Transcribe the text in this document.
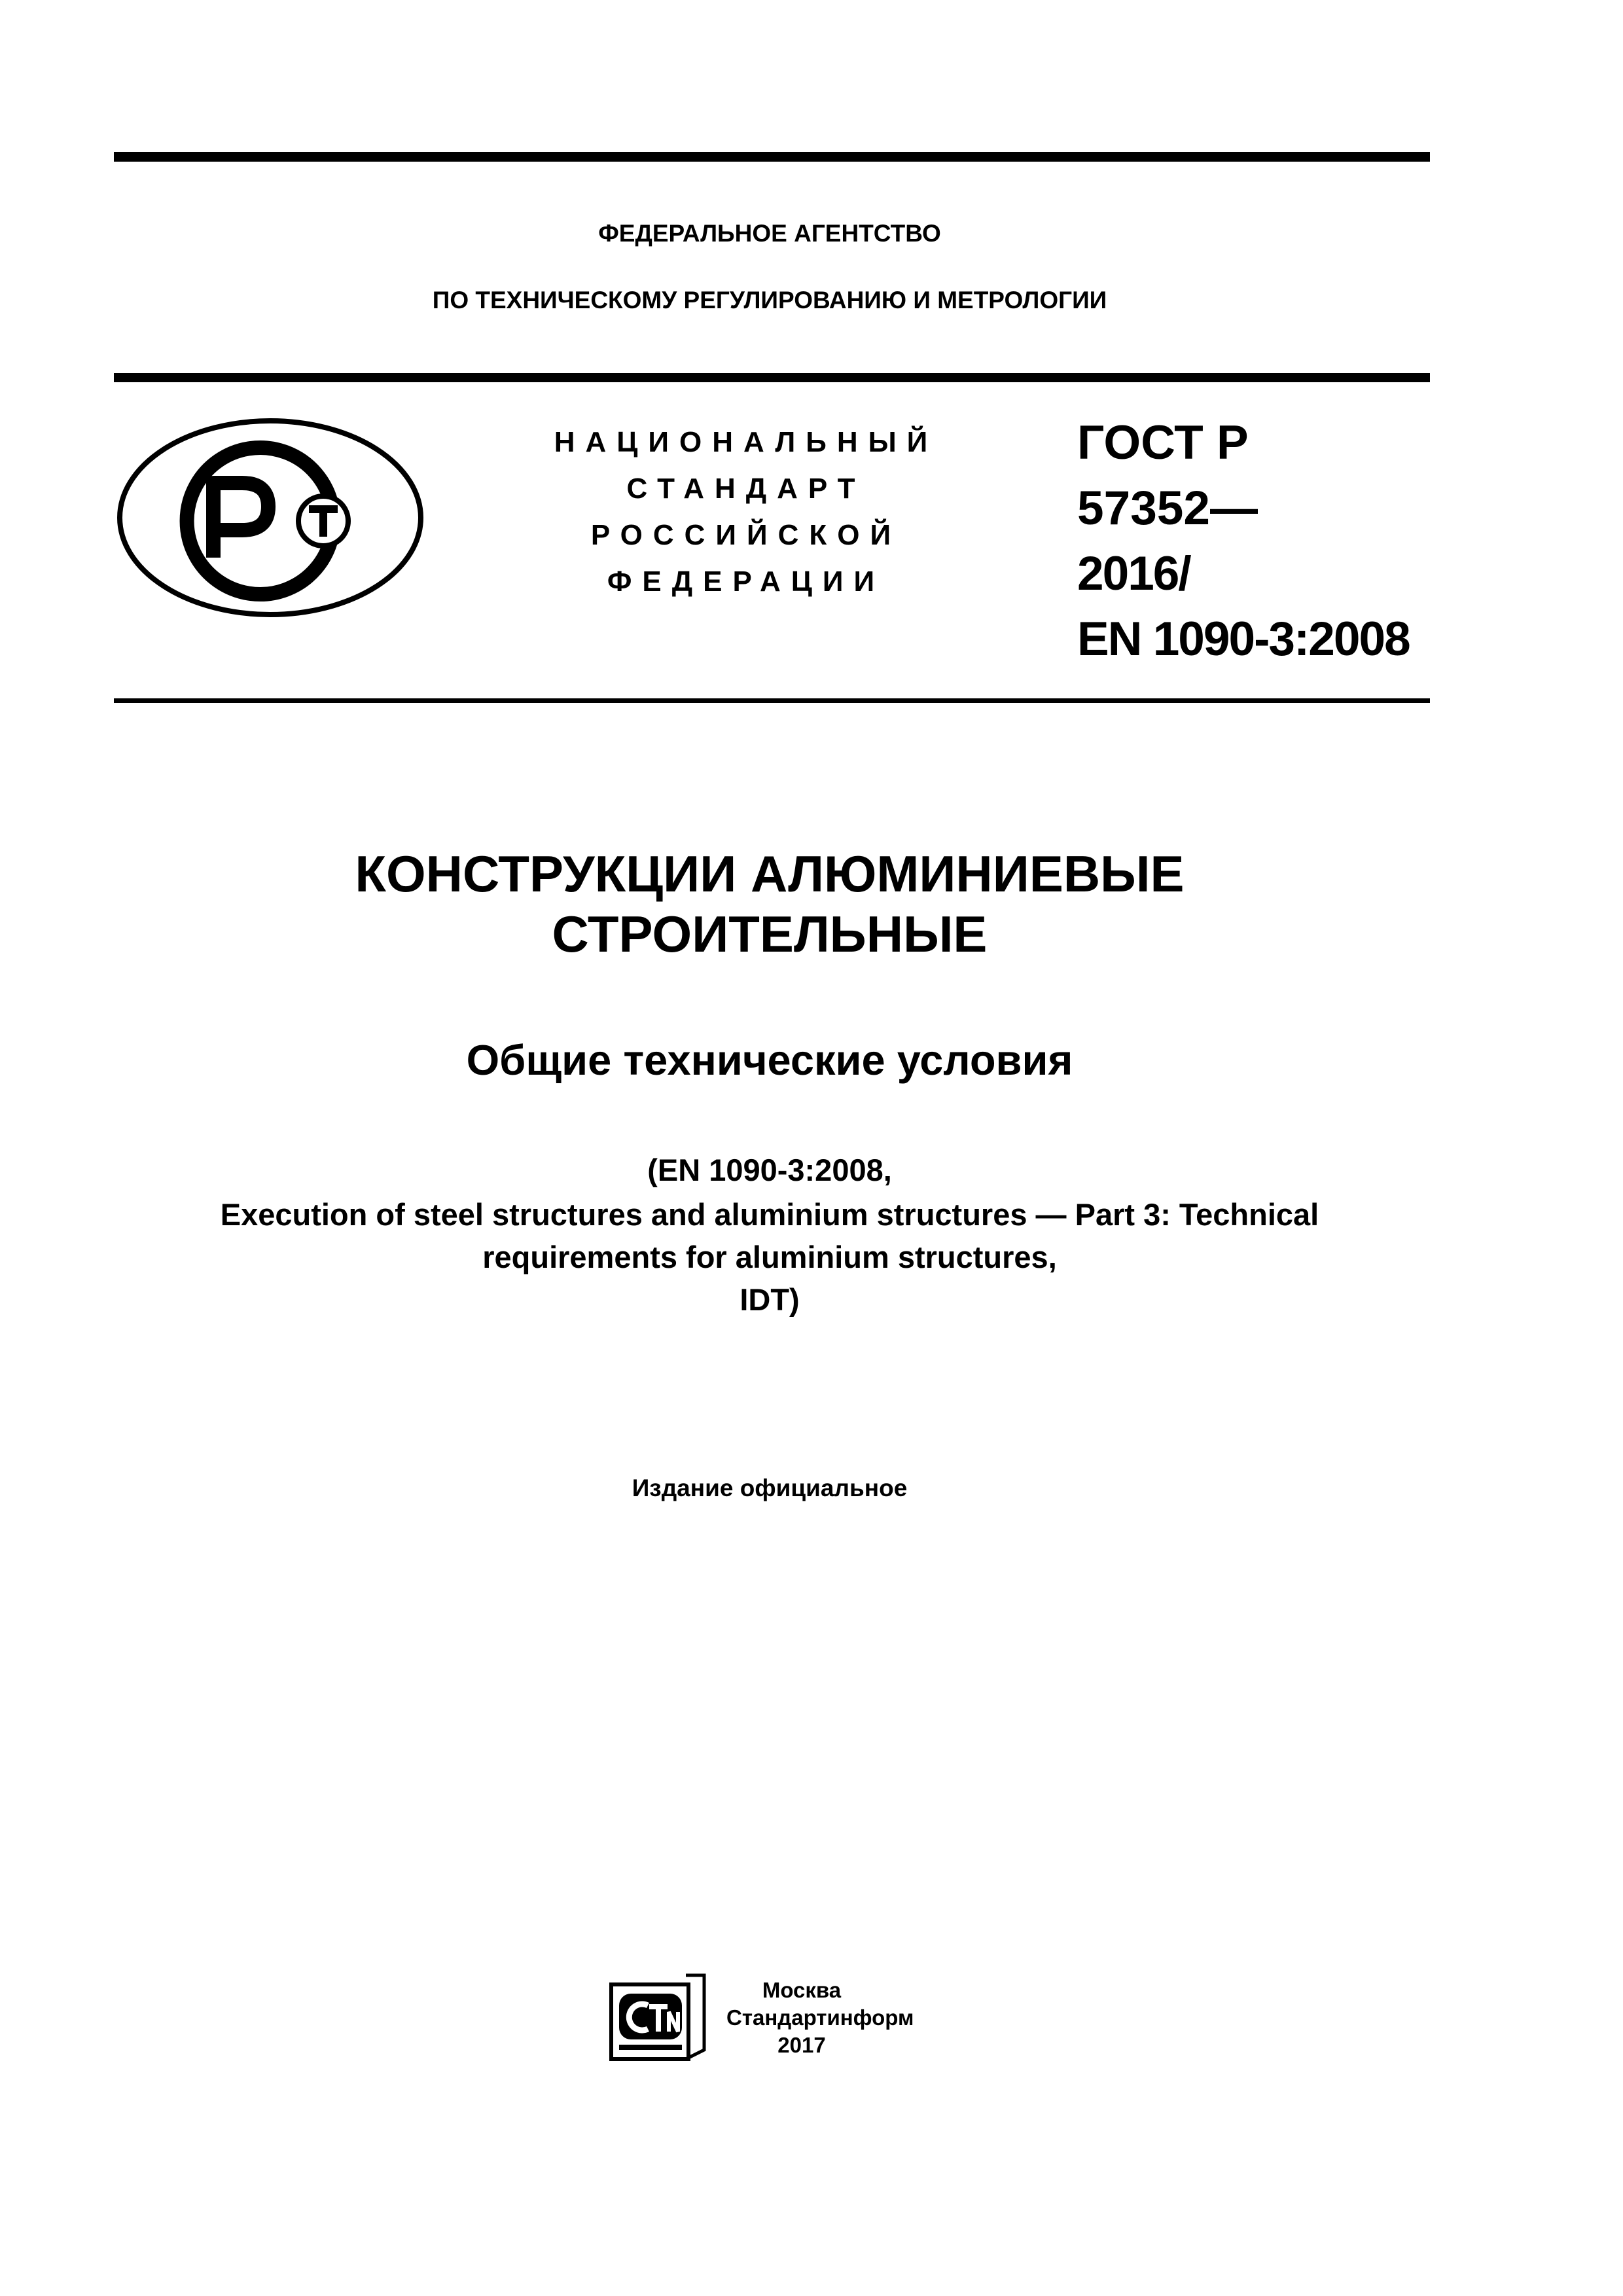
ФЕДЕРАЛЬНОЕ АГЕНТСТВО
ПО ТЕХНИЧЕСКОМУ РЕГУЛИРОВАНИЮ И МЕТРОЛОГИИ
НАЦИОНАЛЬНЫЙ
СТАНДАРТ
РОССИЙСКОЙ
ФЕДЕРАЦИИ
ГОСТ Р
57352—
2016/
EN 1090-3:2008
КОНСТРУКЦИИ АЛЮМИНИЕВЫЕ
СТРОИТЕЛЬНЫЕ
Общие технические условия
(EN 1090-3:2008,
Execution of steel structures and aluminium structures — Part 3: Technical
requirements for aluminium structures,
IDT)
Издание официальное
Москва
Стандартинформ
2017
